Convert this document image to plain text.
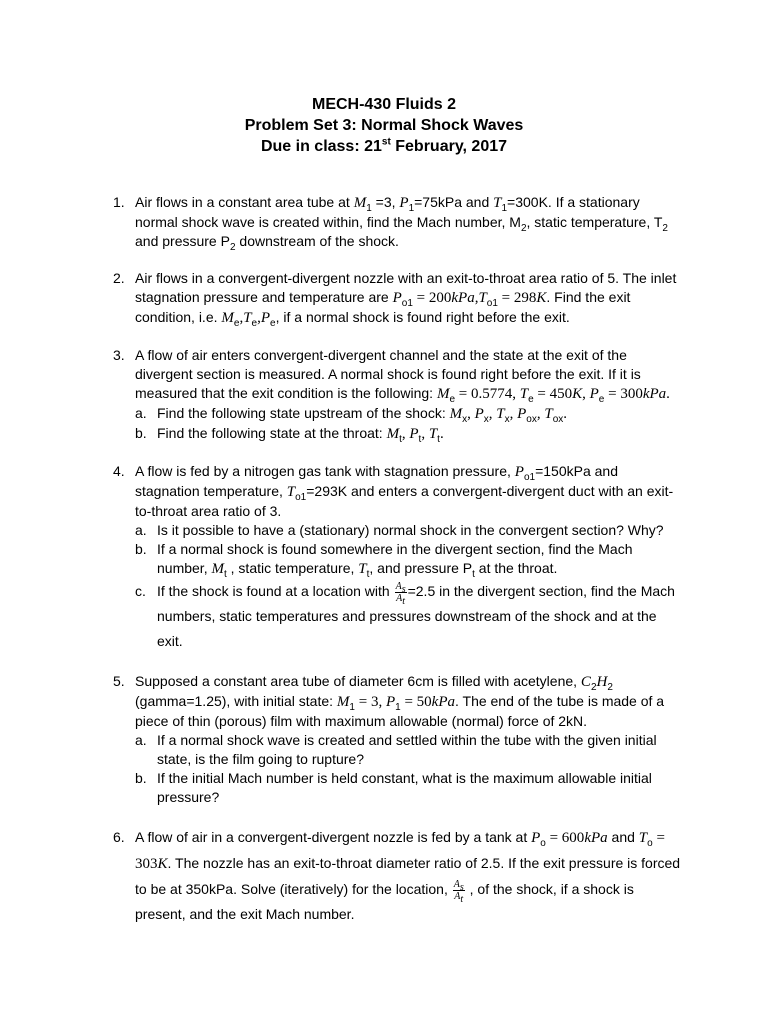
MECH-430 Fluids 2
Problem Set 3: Normal Shock Waves
Due in class: 21st February, 2017
1. Air flows in a constant area tube at $M_1 =3$, $P_1=75kPa$ and $T_1=300K$. If a stationary normal shock wave is created within, find the Mach number, $M_2$, static temperature, $T_2$ and pressure $P_2$ downstream of the shock.
2. Air flows in a convergent-divergent nozzle with an exit-to-throat area ratio of 5. The inlet stagnation pressure and temperature are $P_{o1} = 200kPa,T_{o1} = 298K$. Find the exit condition, i.e. $M_e,T_e,P_e$, if a normal shock is found right before the exit.
3. A flow of air enters convergent-divergent channel and the state at the exit of the divergent section is measured. A normal shock is found right before the exit. If it is measured that the exit condition is the following: $M_e = 0.5774$, $T_e = 450K$, $P_e = 300kPa$.
a. Find the following state upstream of the shock: $M_x$, $P_x$, $T_x$, $P_{ox}$, $T_{ox}$.
b. Find the following state at the throat: $M_t$, $P_t$, $T_t$.
4. A flow is fed by a nitrogen gas tank with stagnation pressure, $P_{o1}=150kPa$ and stagnation temperature, $T_{o1}=293K$ and enters a convergent-divergent duct with an exit-to-throat area ratio of 3.
a. Is it possible to have a (stationary) normal shock in the convergent section? Why?
b. If a normal shock is found somewhere in the divergent section, find the Mach number, $M_t$ , static temperature, $T_t$, and pressure $P_t$ at the throat.
c. If the shock is found at a location with $\frac{A_s}{A_t} =2.5$ in the divergent section, find the Mach numbers, static temperatures and pressures downstream of the shock and at the exit.
5. Supposed a constant area tube of diameter 6cm is filled with acetylene, $C_2H_2$ (gamma=1.25), with initial state: $M_1 = 3$, $P_1 = 50kPa$. The end of the tube is made of a piece of thin (porous) film with maximum allowable (normal) force of 2kN.
a. If a normal shock wave is created and settled within the tube with the given initial state, is the film going to rupture?
b. If the initial Mach number is held constant, what is the maximum allowable initial pressure?
6. A flow of air in a convergent-divergent nozzle is fed by a tank at $P_o = 600kPa$ and $T_o = 303K$. The nozzle has an exit-to-throat diameter ratio of 2.5. If the exit pressure is forced to be at 350kPa. Solve (iteratively) for the location, $\frac{A_s}{A_t}$ , of the shock, if a shock is present, and the exit Mach number.
